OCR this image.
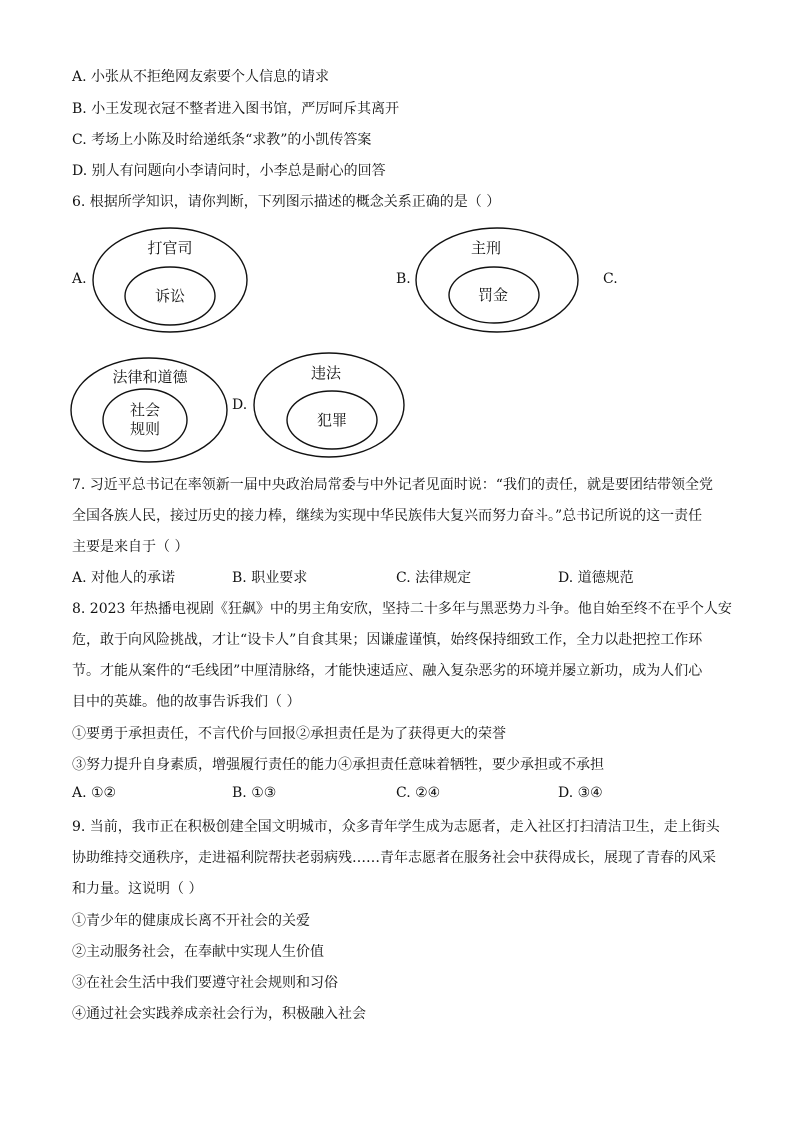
A. 小张从不拒绝网友索要个人信息的请求
B. 小王发现衣冠不整者进入图书馆，严厉呵斥其离开
C. 考场上小陈及时给递纸条“求教”的小凯传答案
D. 别人有问题向小李请问时，小李总是耐心的回答
6. 根据所学知识，请你判断，下列图示描述的概念关系正确的是（ ）
A.	B.	C.
D.
打官司
诉讼
主刑
罚金
法律和道德
社会
规则
违法
犯罪
7. 习近平总书记在率领新一届中央政治局常委与中外记者见面时说：“我们的责任，就是要团结带领全党
全国各族人民，接过历史的接力棒，继续为实现中华民族伟大复兴而努力奋斗。”总书记所说的这一责任
主要是来自于（ ）
A. 对他人的承诺	B. 职业要求	C. 法律规定	D. 道德规范
8. 2023 年热播电视剧《狂飙》中的男主角安欣，坚持二十多年与黑恶势力斗争。他自始至终不在乎个人安
危，敢于向风险挑战，才让“设卡人”自食其果；因谦虚谨慎，始终保持细致工作，全力以赴把控工作环
节。才能从案件的“毛线团”中厘清脉络，才能快速适应、融入复杂恶劣的环境并屡立新功，成为人们心
目中的英雄。他的故事告诉我们（ ）
①要勇于承担责任，不言代价与回报②承担责任是为了获得更大的荣誉
③努力提升自身素质，增强履行责任的能力④承担责任意味着牺牲，要少承担或不承担
A. ①②	B. ①③	C. ②④	D. ③④
9. 当前，我市正在积极创建全国文明城市，众多青年学生成为志愿者，走入社区打扫清洁卫生，走上街头
协助维持交通秩序，走进福利院帮扶老弱病残……青年志愿者在服务社会中获得成长，展现了青春的风采
和力量。这说明（ ）
①青少年的健康成长离不开社会的关爱
②主动服务社会，在奉献中实现人生价值
③在社会生活中我们要遵守社会规则和习俗
④通过社会实践养成亲社会行为，积极融入社会
